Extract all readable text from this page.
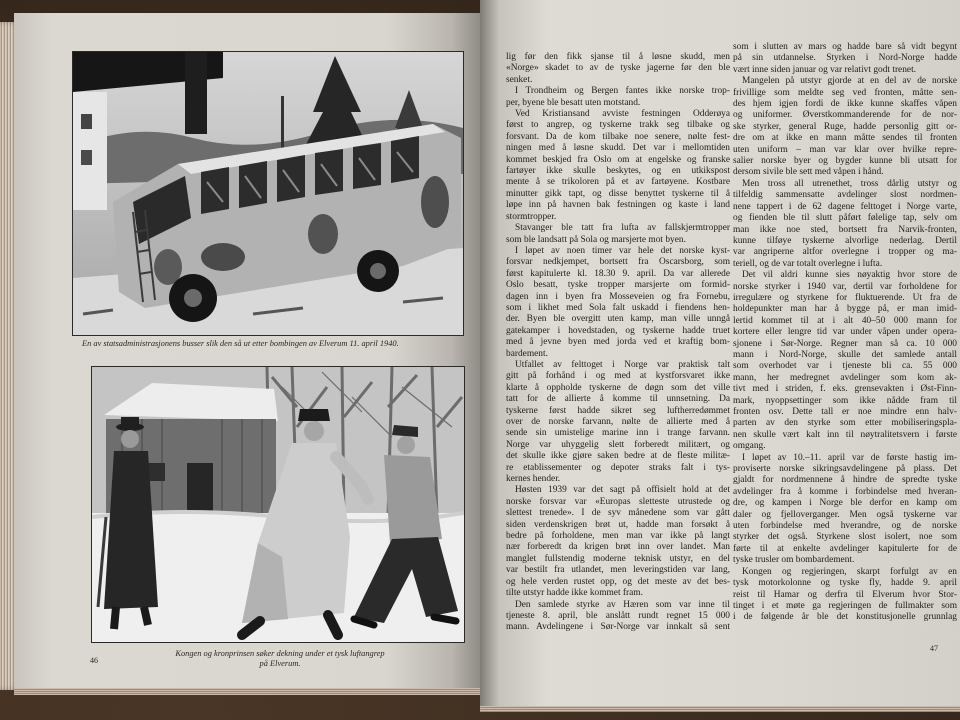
En av statsadministrasjonens busser slik den så ut etter bombingen av Elverum 11. april 1940.
Kongen og kronprinsen søker dekning under et tysk luftangrep på Elverum.
46
lig før den fikk sjanse til å løsne skudd, men
«Norge» skadet to av de tyske jagerne før den ble
senket.
I Trondheim og Bergen fantes ikke norske trop-
per, byene ble besatt uten motstand.
Ved Kristiansand avviste festningen Odderøya
først to angrep, og tyskerne trakk seg tilbake og
forsvant. Da de kom tilbake noe senere, nølte fest-
ningen med å løsne skudd. Det var i mellomtiden
kommet beskjed fra Oslo om at engelske og franske
fartøyer ikke skulle beskytes, og en utkikspost
mente å se trikoloren på et av fartøyene. Kostbare
minutter gikk tapt, og disse benyttet tyskerne til å
løpe inn på havnen bak festningen og kaste i land
stormtropper.
Stavanger ble tatt fra lufta av fallskjermtropper
som ble landsatt på Sola og marsjerte mot byen.
I løpet av noen timer var hele det norske kyst-
forsvar nedkjempet, bortsett fra Oscarsborg, som
først kapitulerte kl. 18.30 9. april. Da var allerede
Oslo besatt, tyske tropper marsjerte om formid-
dagen inn i byen fra Mosseveien og fra Fornebu,
som i likhet med Sola falt uskadd i fiendens hen-
der. Byen ble overgitt uten kamp, man ville unngå
gatekamper i hovedstaden, og tyskerne hadde truet
med å jevne byen med jorda ved et kraftig bom-
bardement.
Utfallet av felttoget i Norge var praktisk talt
gitt på forhånd i og med at kystforsvaret ikke
klarte å oppholde tyskerne de døgn som det ville
tatt for de allierte å komme til unnsetning. Da
tyskerne først hadde sikret seg luftherredømmet
over de norske farvann, nølte de allierte med å
sende sin umistelige marine inn i trange farvann.
Norge var uhyggelig slett forberedt militært, og
det skulle ikke gjøre saken bedre at de fleste militæ-
re etablissementer og depoter straks falt i tys-
kernes hender.
Høsten 1939 var det sagt på offisielt hold at det
norske forsvar var «Europas sletteste utrustede og
slettest trenede». I de syv månedene som var gått
siden verdenskrigen brøt ut, hadde man forsøkt å
bedre på forholdene, men man var ikke på langt
nær forberedt da krigen brøt inn over landet. Man
manglet fullstendig moderne teknisk utstyr, en del
var bestilt fra utlandet, men leveringstiden var lang,
og hele verden rustet opp, og det meste av det bes-
tilte utstyr hadde ikke kommet fram.
Den samlede styrke av Hæren som var inne til
tjeneste 8. april, ble anslått rundt regnet 15 000
mann. Avdelingene i Sør-Norge var innkalt så sent
som i slutten av mars og hadde bare så vidt begynt
på sin utdannelse. Styrken i Nord-Norge hadde
vært inne siden januar og var relativt godt trenet.
Mangelen på utstyr gjorde at en del av de norske
frivillige som meldte seg ved fronten, måtte sen-
des hjem igjen fordi de ikke kunne skaffes våpen
og uniformer. Øverstkommanderende for de nor-
ske styrker, general Ruge, hadde personlig gitt or-
dre om at ikke en mann måtte sendes til fronten
uten uniform – man var klar over hvilke repre-
salier norske byer og bygder kunne bli utsatt for
dersom sivile ble sett med våpen i hånd.
Men tross all utrenethet, tross dårlig utstyr og
tilfeldig sammensatte avdelinger slost nordmen-
nene tappert i de 62 dagene felttoget i Norge varte,
og fienden ble til slutt påført følelige tap, selv om
man ikke noe sted, bortsett fra Narvik-fronten,
kunne tilføye tyskerne alvorlige nederlag. Dertil
var angriperne altfor overlegne i tropper og ma-
teriell, og de var totalt overlegne i lufta.
Det vil aldri kunne sies nøyaktig hvor store de
norske styrker i 1940 var, dertil var forholdene for
irregulære og styrkene for fluktuerende. Ut fra de
holdepunkter man har å bygge på, er man imid-
lertid kommet til at i alt 40–50 000 mann for
kortere eller lengre tid var under våpen under opera-
sjonene i Sør-Norge. Regner man så ca. 10 000
mann i Nord-Norge, skulle det samlede antall
som overhodet var i tjeneste bli ca. 55 000
mann, her medregnet avdelinger som kom ak-
tivt med i striden, f. eks. grensevakten i Øst-Finn-
mark, nyoppsettinger som ikke nådde fram til
fronten osv. Dette tall er noe mindre enn halv-
parten av den styrke som etter mobiliseringspla-
nen skulle vært kalt inn til nøytralitetsvern i første
omgang.
I løpet av 10.–11. april var de første hastig im-
proviserte norske sikringsavdelingene på plass. Det
gjaldt for nordmennene å hindre de spredte tyske
avdelinger fra å komme i forbindelse med hveran-
dre, og kampen i Norge ble derfor en kamp om
daler og fjelloverganger. Men også tyskerne var
uten forbindelse med hverandre, og de norske
styrker det også. Styrkene slost isolert, noe som
førte til at enkelte avdelinger kapitulerte for de
tyske trusler om bombardement.
Kongen og regjeringen, skarpt forfulgt av en
tysk motorkolonne og tyske fly, hadde 9. april
reist til Hamar og derfra til Elverum hvor Stor-
tinget i et møte ga regjeringen de fullmakter som
i de følgende år ble det konstitusjonelle grunnlag
47
